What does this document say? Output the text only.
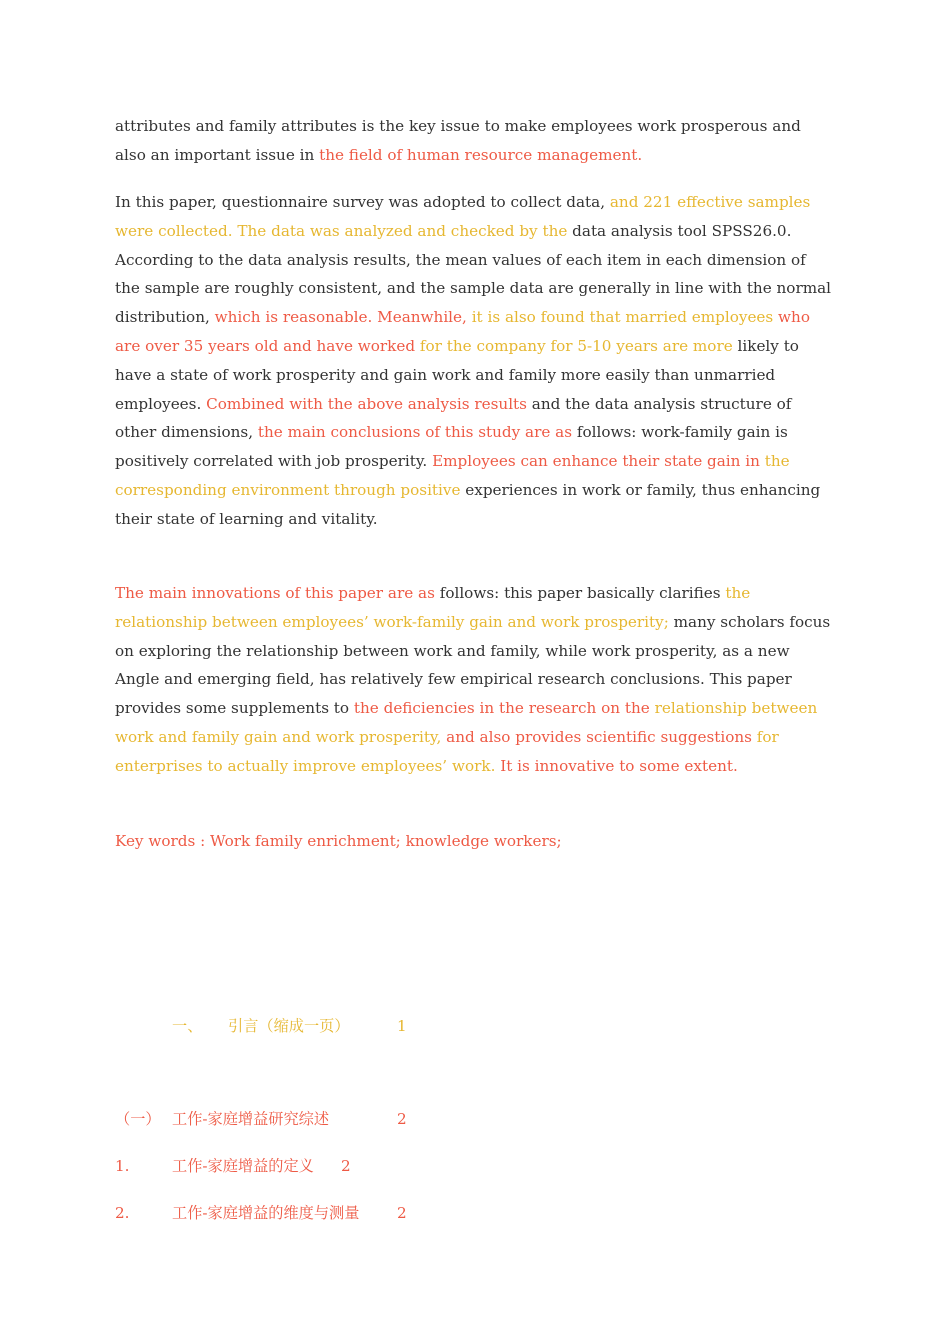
attributes and family attributes is the key issue to make employees work prosperous and also an important issue in the field of human resource management.

In this paper, questionnaire survey was adopted to collect data, and 221 effective samples were collected. The data was analyzed and checked by the data analysis tool SPSS26.0. According to the data analysis results, the mean values of each item in each dimension of the sample are roughly consistent, and the sample data are generally in line with the normal distribution, which is reasonable. Meanwhile, it is also found that married employees who are over 35 years old and have worked for the company for 5-10 years are more likely to have a state of work prosperity and gain work and family more easily than unmarried employees. Combined with the above analysis results and the data analysis structure of other dimensions, the main conclusions of this study are as follows: work-family gain is positively correlated with job prosperity. Employees can enhance their state gain in the corresponding environment through positive experiences in work or family, thus enhancing their state of learning and vitality.

The main innovations of this paper are as follows: this paper basically clarifies the relationship between employees’ work-family gain and work prosperity; many scholars focus on exploring the relationship between work and family, while work prosperity, as a new Angle and emerging field, has relatively few empirical research conclusions. This paper provides some supplements to the deficiencies in the research on the relationship between work and family gain and work prosperity, and also provides scientific suggestions for enterprises to actually improve employees’ work. It is innovative to some extent.

Key words : Work family enrichment; knowledge workers;

一、 引言（缩成一页）	1
（一） 工作-家庭增益研究综述	2
1.	工作-家庭增益的定义 2
2.	工作-家庭增益的维度与测量 2
